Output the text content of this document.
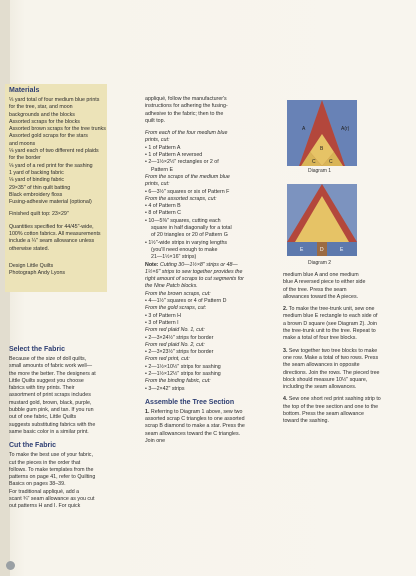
Materials

⅓ yard total of four medium blue prints

for the tree, star, and moon

backgrounds and the blocks

Assorted scraps for the blocks

Assorted brown scraps for the tree trunks

Assorted gold scraps for the stars

and moons

⅛ yard each of two different red plaids

for the border

⅛ yard of a red print for the sashing

1 yard of backing fabric

⅛ yard of binding fabric

29×35" of thin quilt batting

Black embroidery floss

Fusing-adhesive material (optional)

Finished quilt top: 23×29"

Quantities specified for 44/45"-wide,

100% cotton fabrics. All measurements

include a ¼" seam allowance unless

otherwise stated.

Design Little Quilts

Photograph Andy Lyons

Select the Fabric

Because of the size of doll quilts,

small amounts of fabric work well—

the more the better. The designers at

Little Quilts suggest you choose

fabrics with tiny prints. Their

assortment of print scraps includes

mustard gold, brown, black, purple,

bubble gum pink, and tan. If you run

out of one fabric, Little Quilts

suggests substituting fabrics with the

same basic color in a similar print.

Cut the Fabric

To make the best use of your fabric,

cut the pieces in the order that

follows. To make templates from the

patterns on page 41, refer to Quilting

Basics on pages 38–39.

For traditional appliqué, add a

scant ¾" seam allowance as you cut

out patterns H and I. For quick

appliqué, follow the manufacturer's

instructions for adhering the fusing-

adhesive to the fabric; then to the

quilt top.

From each of the four medium blue

prints, cut:

• 1 of Pattern A

• 1 of Pattern A reversed

• 2—1½×2½" rectangles or 2 of

Pattern E

From the scraps of the medium blue

prints, cut:

• 6—3½" squares or six of Pattern F

From the assorted scraps, cut:

• 4 of Pattern B

• 8 of Pattern C

• 10—5⅜" squares, cutting each

square in half diagonally for a total

of 20 triangles or 20 of Pattern G

• 1½"-wide strips in varying lengths

(you'll need enough to make

21—1½×16" strips)

Note: Cutting 30—1½×8" strips or 48—1½×6" strips to sew together provides the right amount of scraps to cut segments for the Nine Patch blocks.

From the brown scraps, cut:

• 4—1½" squares or 4 of Pattern D

From the gold scraps, cut:

• 3 of Pattern H

• 3 of Pattern I

From red plaid No. 1, cut:

• 2—3×24½" strips for border

From red plaid No. 2, cut:

• 2—3×23½" strips for border

From red print, cut:

• 2—1½×10½" strips for sashing

• 2—1½×12½" strips for sashing

From the binding fabric, cut:

• 3—2×42" strips

Assemble the Tree Section

1. Referring to Diagram 1 above, sew two assorted scrap C triangles to one assorted scrap B diamond to make a star. Press the seam allowances toward the C triangles. Join one

A	A(r)
B
C	C
Diagram 1
E	D	E
Diagram 2

medium blue A and one medium

blue A reversed piece to either side

of the tree. Press the seam

allowances toward the A pieces.

2. To make the tree-trunk unit, sew one medium blue E rectangle to each side of a brown D square (see Diagram 2). Join the tree-trunk unit to the tree. Repeat to make a total of four tree blocks.

3. Sew together two tree blocks to make one row. Make a total of two rows. Press the seam allowances in opposite directions. Join the rows. The pieced tree block should measure 10½" square, including the seam allowances.

4. Sew one short red print sashing strip to the top of the tree section and one to the bottom. Press the seam allowance toward the sashing.
